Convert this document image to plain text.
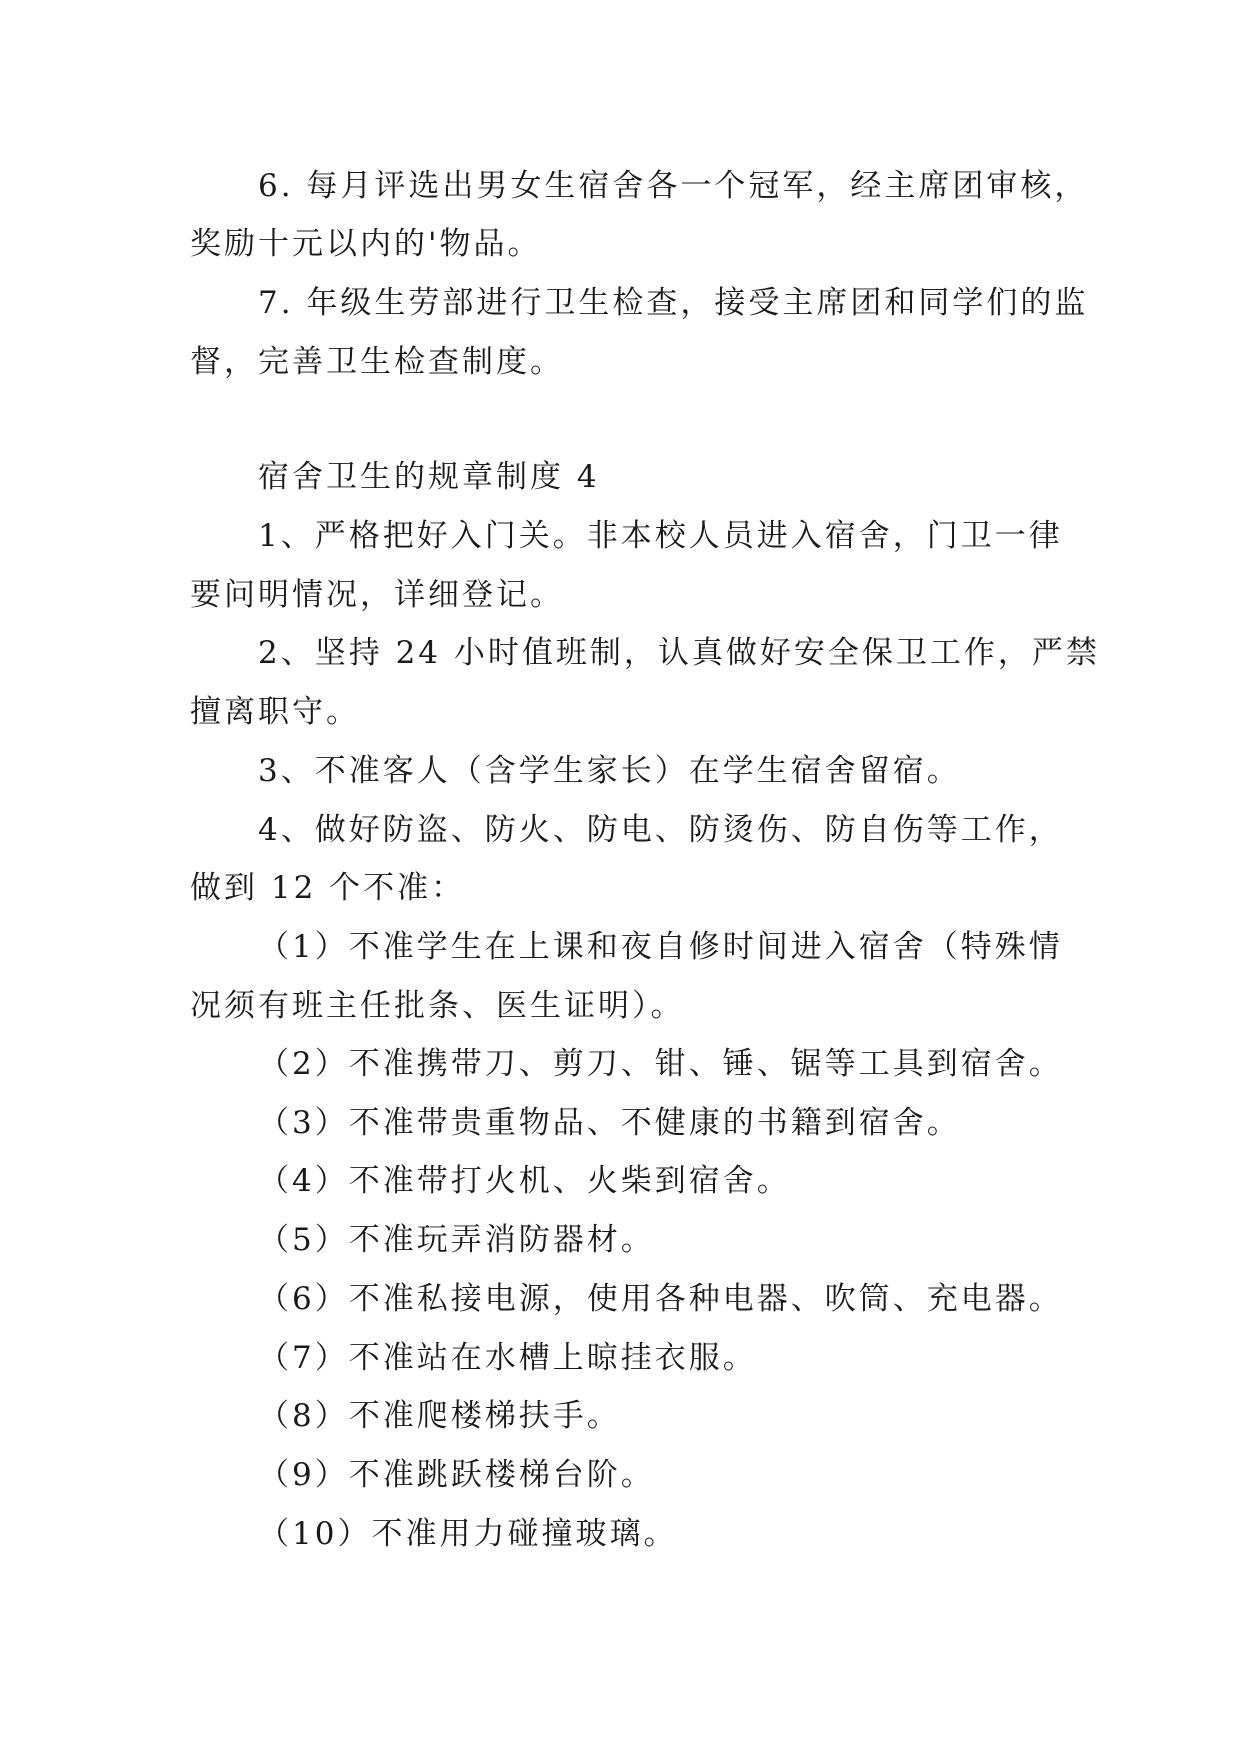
6. 每月评选出男女生宿舍各一个冠军，经主席团审核，
奖励十元以内的'物品。
7. 年级生劳部进行卫生检查，接受主席团和同学们的监
督，完善卫生检查制度。
宿舍卫生的规章制度 4
1、严格把好入门关。非本校人员进入宿舍，门卫一律
要问明情况，详细登记。
2、坚持 24 小时值班制，认真做好安全保卫工作，严禁
擅离职守。
3、不准客人（含学生家长）在学生宿舍留宿。
4、做好防盗、防火、防电、防烫伤、防自伤等工作，
做到 12 个不准：
（1）不准学生在上课和夜自修时间进入宿舍（特殊情
况须有班主任批条、医生证明）。
（2）不准携带刀、剪刀、钳、锤、锯等工具到宿舍。
（3）不准带贵重物品、不健康的书籍到宿舍。
（4）不准带打火机、火柴到宿舍。
（5）不准玩弄消防器材。
（6）不准私接电源，使用各种电器、吹筒、充电器。
（7）不准站在水槽上晾挂衣服。
（8）不准爬楼梯扶手。
（9）不准跳跃楼梯台阶。
（10）不准用力碰撞玻璃。
